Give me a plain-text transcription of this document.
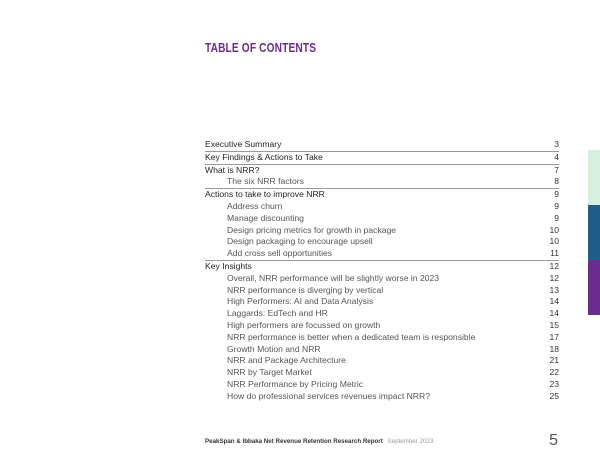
TABLE OF CONTENTS
Executive Summary	3
Key Findings & Actions to Take	4
What is NRR?	7
The six NRR factors	8
Actions to take to improve NRR	9
Address churn	9
Manage discounting	9
Design pricing metrics for growth in package	10
Design packaging to encourage upsell	10
Add cross sell opportunities	11
Key Insights	12
Overall, NRR performance will be slightly worse in 2023	12
NRR performance is diverging by vertical	13
High Performers: AI and Data Analysis	14
Laggards: EdTech and HR	14
High performers are focussed on growth	15
NRR performance is better when a dedicated team is responsible	17
Growth Motion and NRR	18
NRR and Package Architecture	21
NRR by Target Market	22
NRR Performance by Pricing Metric	23
How do professional services revenues impact NRR?	25
PeakSpan & Ibbaka Net Revenue Retention Research Report September 2023	5
